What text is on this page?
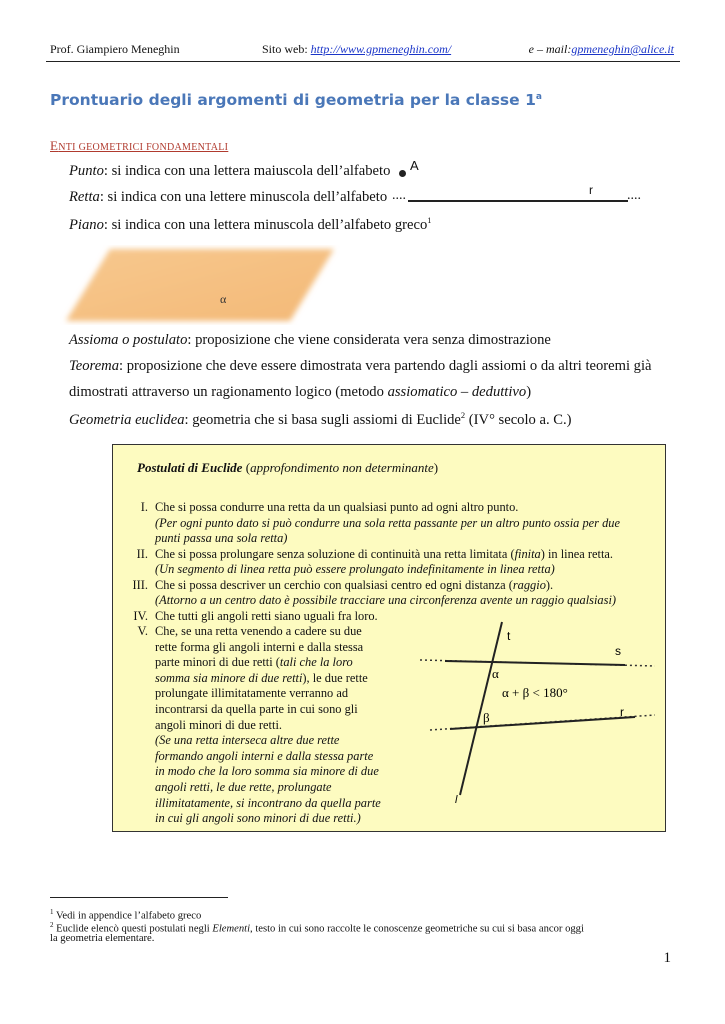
Prof. Giampiero Meneghin	Sito web: http://www.gpmeneghin.com/	e – mail:gpmeneghin@alice.it
Prontuario degli argomenti di geometria per la classe 1$^a$
ENTI GEOMETRICI FONDAMENTALI
Punto: si indica con una lettera maiuscola dell’alfabeto A
Retta: si indica con una lettere minuscola dell’alfabeto ....	....
r
Piano: si indica con una lettera minuscola dell’alfabeto greco$^1$
α
Assioma o postulato: proposizione che viene considerata vera senza dimostrazione
Teorema: proposizione che deve essere dimostrata vera partendo dagli assiomi o da altri teoremi già
dimostrati attraverso un ragionamento logico (metodo assiomatico – deduttivo)
Geometria euclidea: geometria che si basa sugli assiomi di Euclide$^2$ (IV° secolo a. C.)
Postulati di Euclide (approfondimento non determinante)
I. Che si possa condurre una retta da un qualsiasi punto ad ogni altro punto.
(Per ogni punto dato si può condurre una sola retta passante per un altro punto ossia per due
punti passa una sola retta)
II. Che si possa prolungare senza soluzione di continuità una retta limitata (finita) in linea retta.
(Un segmento di linea retta può essere prolungato indefinitamente in linea retta)
III. Che si possa descriver un cerchio con qualsiasi centro ed ogni distanza (raggio).
(Attorno a un centro dato è possibile tracciare una circonferenza avente un raggio qualsiasi)
IV. Che tutti gli angoli retti siano uguali fra loro.
V. Che, se una retta venendo a cadere su due
rette forma gli angoli interni e dalla stessa
parte minori di due retti (tali che la loro
somma sia minore di due retti), le due rette
prolungate illimitatamente verranno ad
incontrarsi da quella parte in cui sono gli
angoli minori di due retti.
(Se una retta interseca altre due rette
formando angoli interni e dalla stessa parte
in modo che la loro somma sia minore di due
angoli retti, le due rette, prolungate
illimitatamente, si incontrano da quella parte
in cui gli angoli sono minori di due retti.)
t
s
α
α + β < 180°
r
β
l
$^1$ Vedi in appendice l’alfabeto greco
$^2$ Euclide elencò questi postulati negli Elementi, testo in cui sono raccolte le conoscenze geometriche su cui si basa ancor oggi
la geometria elementare.
1
